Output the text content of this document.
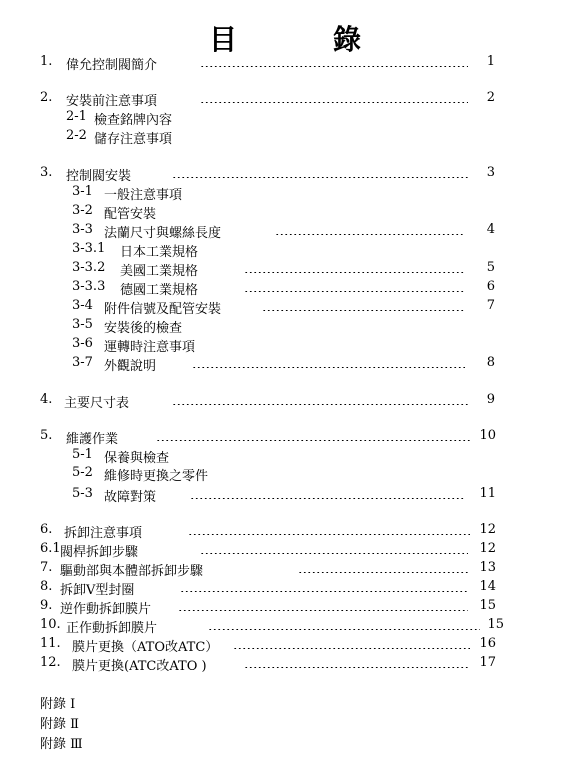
目　錄
1. 偉允控制閥簡介	1
2. 安裝前注意事項	2
2-1 檢查銘牌內容
2-2 儲存注意事項
3. 控制閥安裝	3
3-1 一般注意事項
3-2 配管安裝
3-3 法蘭尺寸與螺絲長度	4
3-3.1 日本工業規格
3-3.2 美國工業規格	5
3-3.3 德國工業規格	6
3-4 附件信號及配管安裝	7
3-5 安裝後的檢查
3-6 運轉時注意事項
3-7 外觀說明	8
4. 主要尺寸表	9
5. 維護作業	10
5-1 保養與檢查
5-2 維修時更換之零件
5-3 故障對策	11
6. 拆卸注意事項	12
6.1 閥桿拆卸步驟	12
7. 驅動部與本體部拆卸步驟	13
8. 拆卸V型封圈	14
9. 逆作動拆卸膜片	15
10. 正作動拆卸膜片	15
11. 膜片更換（ATO改ATC）	16
12. 膜片更換(ATC改ATO )	17
附錄 Ⅰ
附錄 Ⅱ
附錄 Ⅲ
